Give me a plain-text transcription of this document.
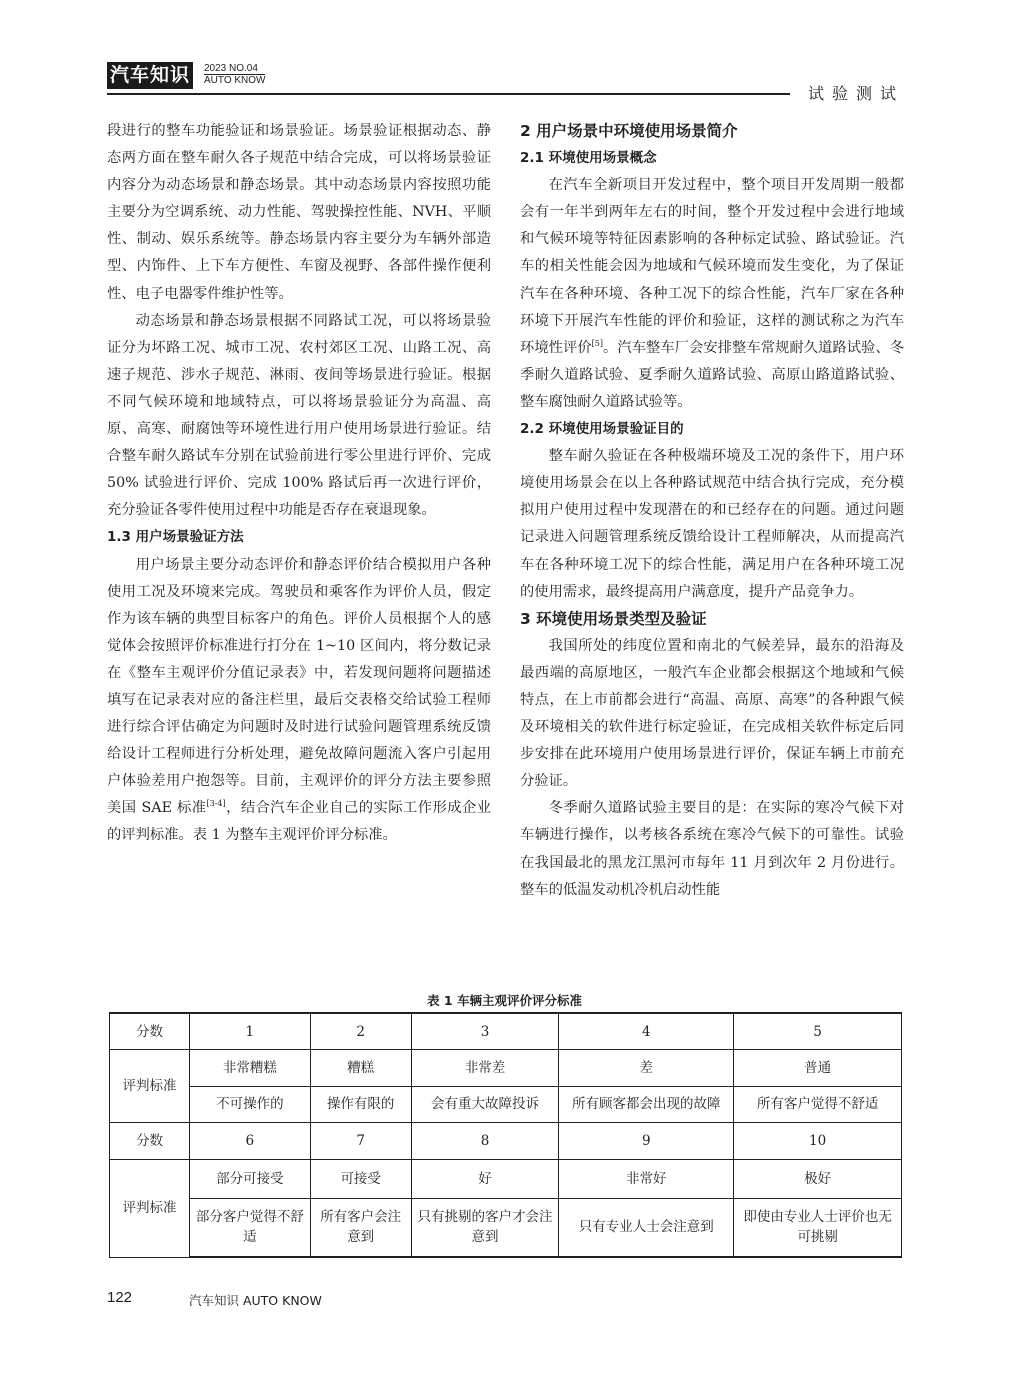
汽车知识	2023 NO.04
AUTO KNOW
试验测试

段进行的整车功能验证和场景验证。场景验证根据动态、静态两方面在整车耐久各子规范中结合完成，可以将场景验证内容分为动态场景和静态场景。其中动态场景内容按照功能主要分为空调系统、动力性能、驾驶操控性能、NVH、平顺性、制动、娱乐系统等。静态场景内容主要分为车辆外部造型、内饰件、上下车方便性、车窗及视野、各部件操作便利性、电子电器零件维护性等。

动态场景和静态场景根据不同路试工况，可以将场景验证分为坏路工况、城市工况、农村郊区工况、山路工况、高速子规范、涉水子规范、淋雨、夜间等场景进行验证。根据不同气候环境和地域特点，可以将场景验证分为高温、高原、高寒、耐腐蚀等环境性进行用户使用场景进行验证。结合整车耐久路试车分别在试验前进行零公里进行评价、完成 50% 试验进行评价、完成 100% 路试后再一次进行评价，充分验证各零件使用过程中功能是否存在衰退现象。

1.3 用户场景验证方法

用户场景主要分动态评价和静态评价结合模拟用户各种使用工况及环境来完成。驾驶员和乘客作为评价人员，假定作为该车辆的典型目标客户的角色。评价人员根据个人的感觉体会按照评价标准进行打分在 1~10 区间内，将分数记录在《整车主观评价分值记录表》中，若发现问题将问题描述填写在记录表对应的备注栏里，最后交表格交给试验工程师进行综合评估确定为问题时及时进行试验问题管理系统反馈给设计工程师进行分析处理，避免故障问题流入客户引起用户体验差用户抱怨等。目前，主观评价的评分方法主要参照美国 SAE 标准[3-4]，结合汽车企业自己的实际工作形成企业的评判标准。表 1 为整车主观评价评分标准。

2 用户场景中环境使用场景简介

2.1 环境使用场景概念

在汽车全新项目开发过程中，整个项目开发周期一般都会有一年半到两年左右的时间，整个开发过程中会进行地域和气候环境等特征因素影响的各种标定试验、路试验证。汽车的相关性能会因为地域和气候环境而发生变化，为了保证汽车在各种环境、各种工况下的综合性能，汽车厂家在各种环境下开展汽车性能的评价和验证，这样的测试称之为汽车环境性评价[5]。汽车整车厂会安排整车常规耐久道路试验、冬季耐久道路试验、夏季耐久道路试验、高原山路道路试验、整车腐蚀耐久道路试验等。

2.2 环境使用场景验证目的

整车耐久验证在各种极端环境及工况的条件下，用户环境使用场景会在以上各种路试规范中结合执行完成，充分模拟用户使用过程中发现潜在的和已经存在的问题。通过问题记录进入问题管理系统反馈给设计工程师解决，从而提高汽车在各种环境工况下的综合性能，满足用户在各种环境工况的使用需求，最终提高用户满意度，提升产品竞争力。

3 环境使用场景类型及验证

我国所处的纬度位置和南北的气候差异，最东的沿海及最西端的高原地区，一般汽车企业都会根据这个地域和气候特点，在上市前都会进行“高温、高原、高寒”的各种跟气候及环境相关的软件进行标定验证，在完成相关软件标定后同步安排在此环境用户使用场景进行评价，保证车辆上市前充分验证。

冬季耐久道路试验主要目的是：在实际的寒冷气候下对车辆进行操作，以考核各系统在寒冷气候下的可靠性。试验在我国最北的黑龙江黑河市每年 11 月到次年 2 月份进行。整车的低温发动机冷机启动性能

表 1 车辆主观评价评分标准
分数	1	2	3	4	5
评判标准	非常糟糕	糟糕	非常差	差	普通
	不可操作的	操作有限的	会有重大故障投诉	所有顾客都会出现的故障	所有客户觉得不舒适
分数	6	7	8	9	10
评判标准	部分可接受	可接受	好	非常好	极好
	部分客户觉得不舒适	所有客户会注意到	只有挑剔的客户才会注意到	只有专业人士会注意到	即使由专业人士评价也无可挑剔
122	汽车知识 AUTO KNOW
